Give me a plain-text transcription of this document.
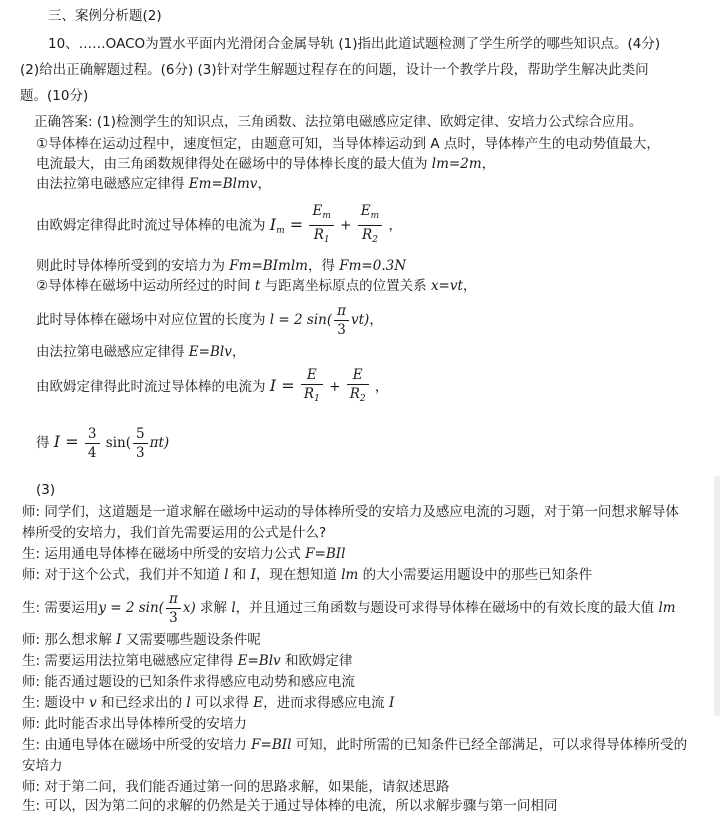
三、案例分析题(2)
10、……OACO为置水平面内光滑闭合金属导轨 (1)指出此道试题检测了学生所学的哪些知识点。(4分)
(2)给出正确解题过程。(6分) (3)针对学生解题过程存在的问题，设计一个教学片段，帮助学生解决此类问
题。(10分)
正确答案: (1)检测学生的知识点，三角函数、法拉第电磁感应定律、欧姆定律、安培力公式综合应用。
①导体棒在运动过程中，速度恒定，由题意可知，当导体棒运动到 A 点时，导体棒产生的电动势值最大，
电流最大，由三角函数规律得处在磁场中的导体棒长度的最大值为 lm=2m，
由法拉第电磁感应定律得 Em=Blmv，
由欧姆定律得此时流过导体棒的电流为 $I_m = \frac{E_m}{R_1} + \frac{E_m}{R_2}$ ，
则此时导体棒所受到的安培力为 Fm=BImlm，得 Fm=0.3N
②导体棒在磁场中运动所经过的时间 t 与距离坐标原点的位置关系 x=vt，
此时导体棒在磁场中对应位置的长度为 l = 2 $\sin( \frac{\pi}{3} vt)$，
由法拉第电磁感应定律得 E=Blv，
由欧姆定律得此时流过导体棒的电流为 $I = \frac{E}{R_1} + \frac{E}{R_2}$ ，
得 $I = \frac{3}{4} \sin( \frac{5}{3} \pi t)$
(3)
师: 同学们，这道题是一道求解在磁场中运动的导体棒所受的安培力及感应电流的习题，对于第一问想求解导体
棒所受的安培力，我们首先需要运用的公式是什么?
生: 运用通电导体棒在磁场中所受的安培力公式 F=BIl
师: 对于这个公式，我们并不知道 l 和 I，现在想知道 lm 的大小需要运用题设中的那些已知条件
生: 需要运用y = 2 $\sin( \frac{\pi}{3} x)$ 求解 l，并且通过三角函数与题设可求得导体棒在磁场中的有效长度的最大值 lm
师: 那么想求解 I 又需要哪些题设条件呢
生: 需要运用法拉第电磁感应定律得 E=Blv 和欧姆定律
师: 能否通过题设的已知条件求得感应电动势和感应电流
生: 题设中 v 和已经求出的 l 可以求得 E，进而求得感应电流 I
师: 此时能否求出导体棒所受的安培力
生: 由通电导体在磁场中所受的安培力 F=BIl 可知，此时所需的已知条件已经全部满足，可以求得导体棒所受的
安培力
师: 对于第二问，我们能否通过第一问的思路求解，如果能，请叙述思路
生: 可以，因为第二问的求解的仍然是关于通过导体棒的电流，所以求解步骤与第一问相同
